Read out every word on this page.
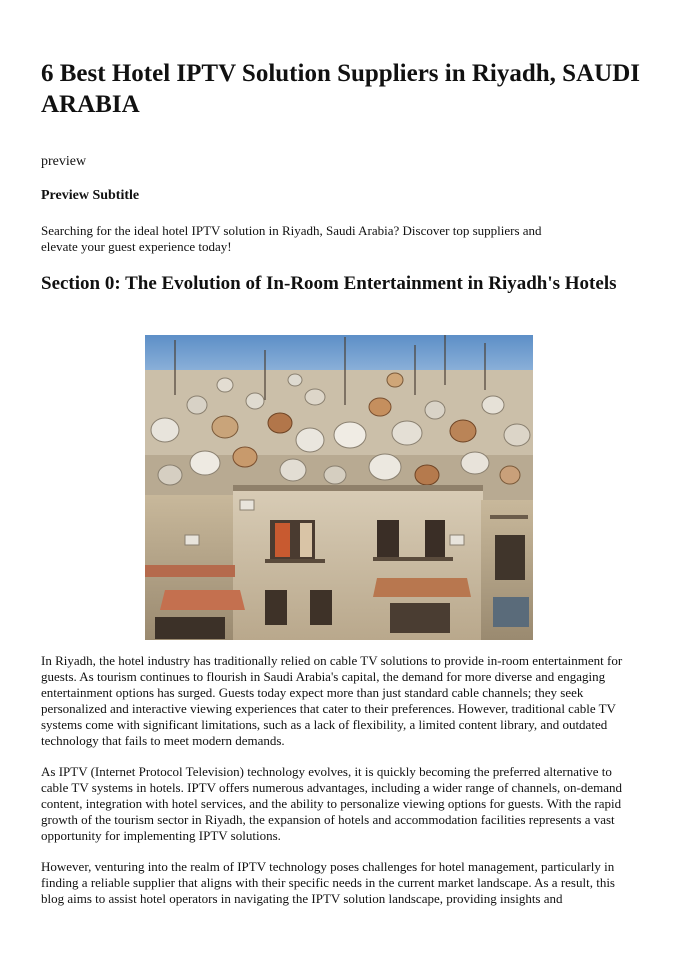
6 Best Hotel IPTV Solution Suppliers in Riyadh, SAUDI ARABIA

preview

Preview Subtitle

Searching for the ideal hotel IPTV solution in Riyadh, Saudi Arabia? Discover top suppliers and elevate your guest experience today!

Section 0: The Evolution of In-Room Entertainment in Riyadh's Hotels

In Riyadh, the hotel industry has traditionally relied on cable TV solutions to provide in-room entertainment for guests. As tourism continues to flourish in Saudi Arabia's capital, the demand for more diverse and engaging entertainment options has surged. Guests today expect more than just standard cable channels; they seek personalized and interactive viewing experiences that cater to their preferences. However, traditional cable TV systems come with significant limitations, such as a lack of flexibility, a limited content library, and outdated technology that fails to meet modern demands.

As IPTV (Internet Protocol Television) technology evolves, it is quickly becoming the preferred alternative to cable TV systems in hotels. IPTV offers numerous advantages, including a wider range of channels, on-demand content, integration with hotel services, and the ability to personalize viewing options for guests. With the rapid growth of the tourism sector in Riyadh, the expansion of hotels and accommodation facilities represents a vast opportunity for implementing IPTV solutions.

However, venturing into the realm of IPTV technology poses challenges for hotel management, particularly in finding a reliable supplier that aligns with their specific needs in the current market landscape. As a result, this blog aims to assist hotel operators in navigating the IPTV solution landscape, providing insights and
